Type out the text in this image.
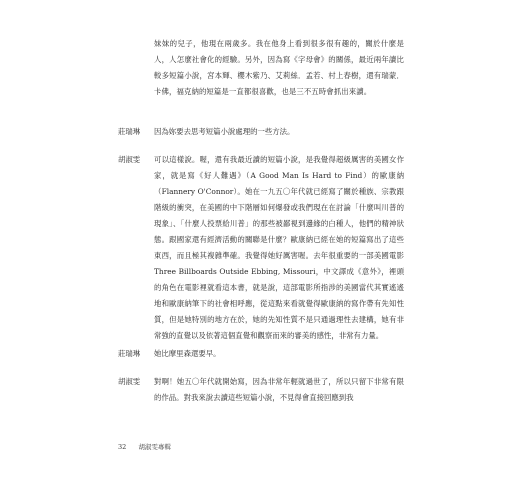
妹妹的兒子，他現在兩歲多。我在他身上看到很多很有趣的，關於什麼是人，人怎麼社會化的經驗。另外，因為寫《字母會》的關係，最近兩年讀比較多短篇小說，宮本輝、櫻木紫乃、艾莉絲．孟若、村上春樹，還有瑞蒙．卡佛，福克納的短篇是一直都很喜歡，也是三不五時會抓出來讀。
莊瑞琳 因為妳要去思考短篇小說處理的一些方法。
胡淑雯 可以這樣說。喔，還有我最近讀的短篇小說，是我覺得超級厲害的美國女作家，就是寫《好人難遇》（A Good Man Is Hard to Find）的歐康納（Flannery O'Connor）。她在一九五〇年代就已經寫了關於種族、宗教跟階級的衝突，在美國的中下階層如何爆發或我們現在在討論「什麼叫川普的現象」、「什麼人投票給川普」的那些被鄙視到邊緣的白種人，他們的精神狀態。跟國家還有經濟活動的關聯是什麼？歐康納已經在她的短篇寫出了這些東西，而且極其複雜準確。我覺得她好厲害喔。去年很重要的一部美國電影 Three Billboards Outside Ebbing, Missouri，中文譯成《意外》，裡頭的角色在電影裡就看這本書，就是說，這部電影所指涉的美國當代其實遙遙地和歐康納筆下的社會相呼應，從這點來看就覺得歐康納的寫作帶有先知性質，但是她特別的地方在於，她的先知性質不是只通過理性去建構，她有非常強的直覺以及依著這個直覺和觀察而來的審美的感性，非常有力量。
莊瑞琳 她比摩里森還要早。
胡淑雯 對啊！她五〇年代就開始寫，因為非常年輕就過世了，所以只留下非常有限的作品。對我來說去讀這些短篇小說，不見得會直接回應到我
32 胡淑雯專輯
